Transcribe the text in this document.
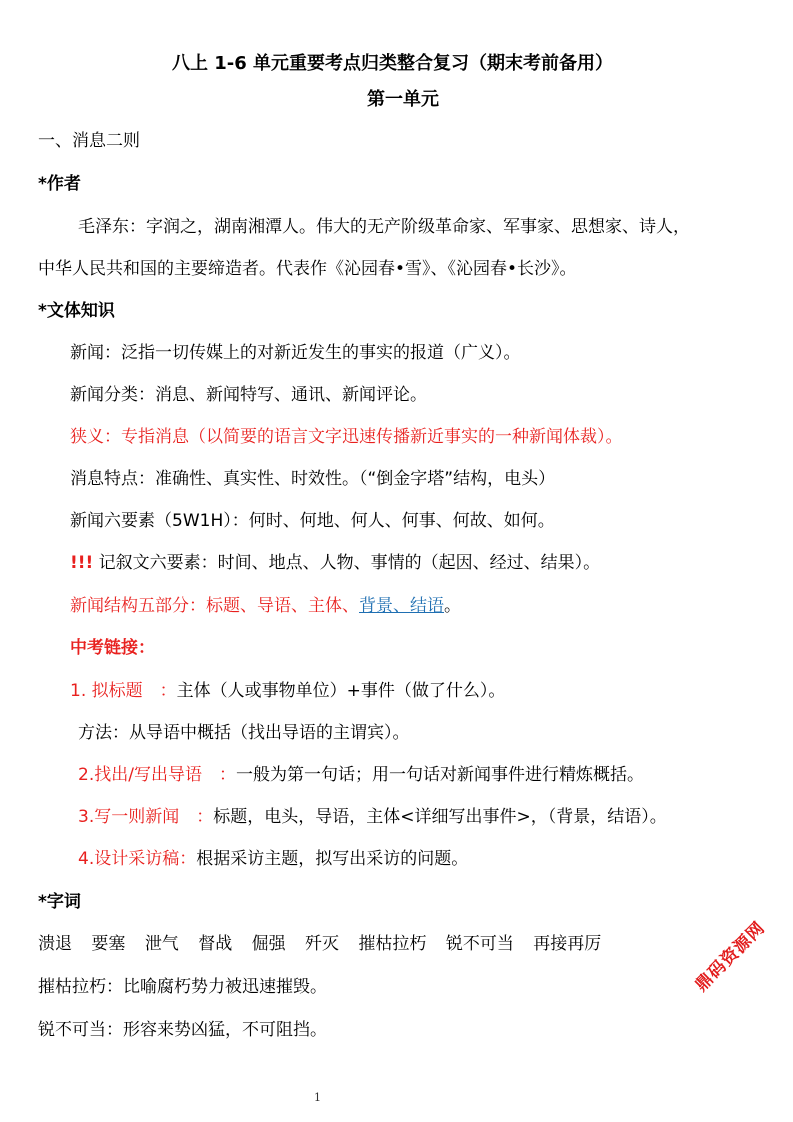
八上 1-6 单元重要考点归类整合复习（期末考前备用）
第一单元
一、消息二则
*作者
毛泽东：字润之，湖南湘潭人。伟大的无产阶级革命家、军事家、思想家、诗人，
中华人民共和国的主要缔造者。代表作《沁园春•雪》、《沁园春•长沙》。
*文体知识
新闻：泛指一切传媒上的对新近发生的事实的报道（广义）。
新闻分类：消息、新闻特写、通讯、新闻评论。
狭义：专指消息（以简要的语言文字迅速传播新近事实的一种新闻体裁）。
消息特点：准确性、真实性、时效性。（“倒金字塔”结构，电头）
新闻六要素（5W1H）：何时、何地、何人、何事、何故、如何。
!!! 记叙文六要素：时间、地点、人物、事情的（起因、经过、结果）。
新闻结构五部分：标题、导语、主体、背景、结语。
中考链接：
1. 拟标题　：主体（人或事物单位）+事件（做了什么）。
方法：从导语中概括（找出导语的主谓宾）。
2.找出/写出导语　：一般为第一句话；用一句话对新闻事件进行精炼概括。
3.写一则新闻　：标题，电头，导语，主体<详细写出事件>，（背景，结语）。
4.设计采访稿：根据采访主题，拟写出采访的问题。
*字词
溃退 要塞 泄气 督战 倔强 歼灭 摧枯拉朽 锐不可当 再接再厉
摧枯拉朽：比喻腐朽势力被迅速摧毁。
锐不可当：形容来势凶猛，不可阻挡。
鼎码资源网
1
